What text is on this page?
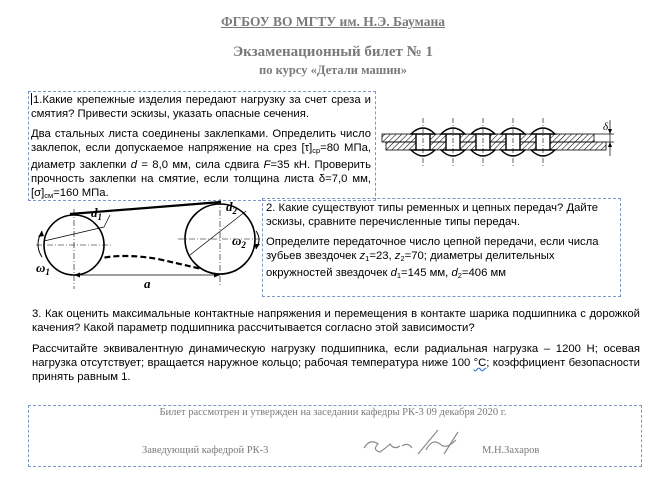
ФГБОУ ВО МГТУ им. Н.Э. Баумана
Экзаменационный билет № 1
по курсу «Детали машин»
1.Какие крепежные изделия передают нагрузку за счет среза и смятия? Привести эскизы, указать опасные сечения.
Два стальных листа соединены заклепками. Определить число заклепок, если допускаемое напряжение на срез $[\tau]_{ср}=80$ МПа, диаметр заклепки d = 8,0 мм, сила сдвига F=35 кН. Проверить прочность заклепки на смятие, если толщина листа δ=7,0 мм, $[\sigma]_{см}=160$ МПа.
δ
$d_1$
$d_2$
$\omega_1$
$\omega_2$
a
2. Какие существуют типы ременных и цепных передач? Дайте эскизы, сравните перечисленные типы передач.
Определите передаточное число цепной передачи, если числа зубьев звездочек $z_1=23$, $z_2=70$; диаметры делительных окружностей звездочек $d_1=145$ мм, $d_2=406$ мм
3. Как оценить максимальные контактные напряжения и перемещения в контакте шарика подшипника с дорожкой качения? Какой параметр подшипника рассчитывается согласно этой зависимости?
Рассчитайте эквивалентную динамическую нагрузку подшипника, если радиальная нагрузка – 1200 Н; осевая нагрузка отсутствует; вращается наружное кольцо; рабочая температура ниже 100 °C; коэффициент безопасности принять равным 1.
Билет рассмотрен и утвержден на заседании кафедры РК-3 09 декабря 2020 г.
Заведующий кафедрой РК-3	М.Н.Захаров
Захаров
